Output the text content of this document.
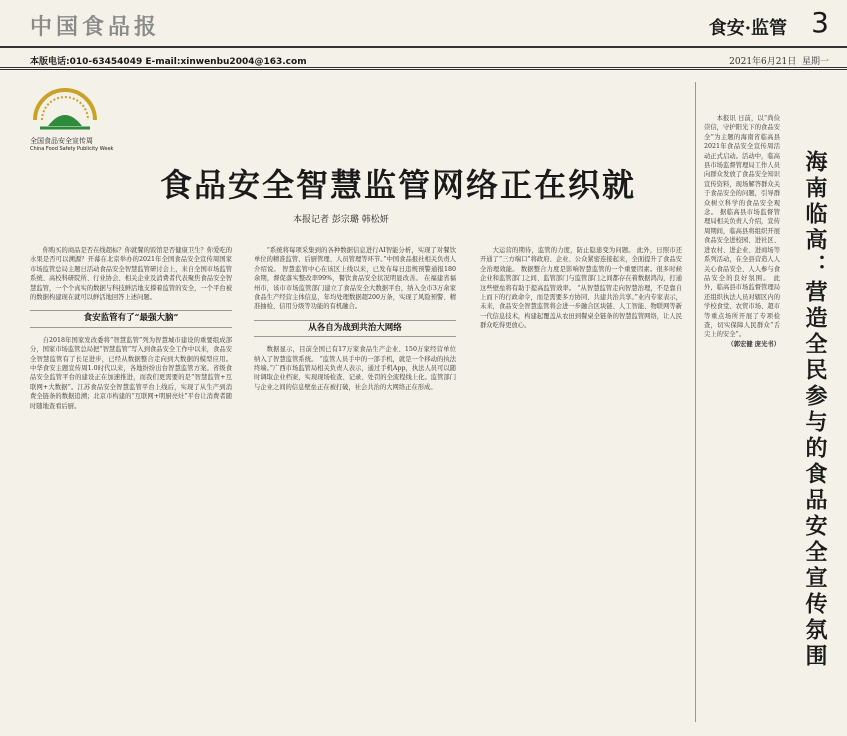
中国食品报	食安·监管 3
本版电话:010-63454049 E-mail:xinwenbu2004@163.com	2021年6月21日 星期一
全国食品安全宣传周
China Food Safety Publicity Week
食品安全智慧监管网络正在织就
本报记者 彭宗璐 韩松妍

你购买的商品是否在线超标？你就餐的饭馆是否健康卫生？你爱吃的水果是否可以溯源？开幕在北京举办的2021年全国食品安全宣传周国家市场监管总局主题日活动食品安全智慧监管研讨会上，来自全国市场监管系统、高校科研院所、行业协会、相关企业及消费者代表聚焦食品安全智慧监管，一个个真实的数据与科技鲜活地支撑着监管的安全，一个平台被的数据构建现在就可以鲜活地回答上述问题。

食安监管有了“最强大脑”

自2018年国家发改委将“智慧监管”列为智慧城市建设的重要组成部分，国家市场监管总局把“智慧监管”写入到食品安全工作中以来，食品安全智慧监管有了长足进步，已经从数据整合走向到大数据的模型应用。 中华食安主题宣传周1.0时代以来，各地纷纷出台智慧监管方案。省级食品安全监管平台的建设正在加速推进，而我们更需要的是“智慧监管+互联网+大数据”。江苏食品安全智慧监管平台上线后，实现了从生产到消费全链条的数据追溯；北京市构建的“互联网+明厨亮灶”平台让消费者随时随地查看后厨。

“系统将每项采集到的各种数据信息进行AI智能分析，实现了对餐饮单位的精准监管、后厨管理、人员管理等环节。”中国食品报社相关负责人介绍说。 智慧监管中心在该区上线以来，已发布每日违规预警通报180余期，督促落实整改率99%，餐饮食品安全状况明显改善。 在福建省福州市，该市市场监管部门建立了食品安全大数据平台，纳入全市3万余家食品生产经营主体信息，年均处理数据超200万条，实现了风险预警、精准抽检、信用分级等功能的有机融合。

从各自为战到共治大网络

数据显示，目前全国已有17万家食品生产企业、150万家经营单位纳入了智慧监管系统。 “监管人员手中的一部手机，就是一个移动的执法终端。”广西市场监管局相关负责人表示，通过手机App，执法人员可以随时调取企业档案，实现现场检查、记录、处罚的全流程线上化。监管部门与企业之间的信息壁垒正在被打破，社会共治的大网络正在形成。

大运营的期待，监管的力度，防止隐患变为问题。 此外，日照市还开通了“三方端口”将政府、企业、公众紧密连接起来，全面提升了食品安全治理效能。 数据整合力度是影响智慧监管的一个重要因素。很多时候企业和监管部门之间、监管部门与监管部门之间都存在着数据鸿沟，打通这些壁垒将有助于提高监管效率。 “从智慧监管走向智慧治理，不是靠自上而下的行政命令，而是需要多方协同、共建共治共享。”业内专家表示，未来，食品安全智慧监管将会进一步融合区块链、人工智能、物联网等新一代信息技术，构建起覆盖从农田到餐桌全链条的智慧监管网络，让人民群众吃得更放心。

本报讯 日前，以“尚俭崇信，守护阳光下的食品安全”为主题的海南省临高县2021年食品安全宣传周活动正式启动。活动中，临高县市场监督管理局工作人员向群众发放了食品安全知识宣传资料，现场解答群众关于食品安全的问题，引导群众树立科学的食品安全观念。 据临高县市场监督管理局相关负责人介绍，宣传周期间，临高县将组织开展食品安全进校园、进社区、进农村、进企业、进商场等系列活动，在全县营造人人关心食品安全、人人参与食品安全的良好氛围。 此外，临高县市场监督管理局还组织执法人员对辖区内的学校食堂、农贸市场、超市等重点场所开展了专项检查，切实保障人民群众“舌尖上的安全”。

（郭宏健 庞光书）	海南临高：营造全民参与的食品安全宣传氛围
